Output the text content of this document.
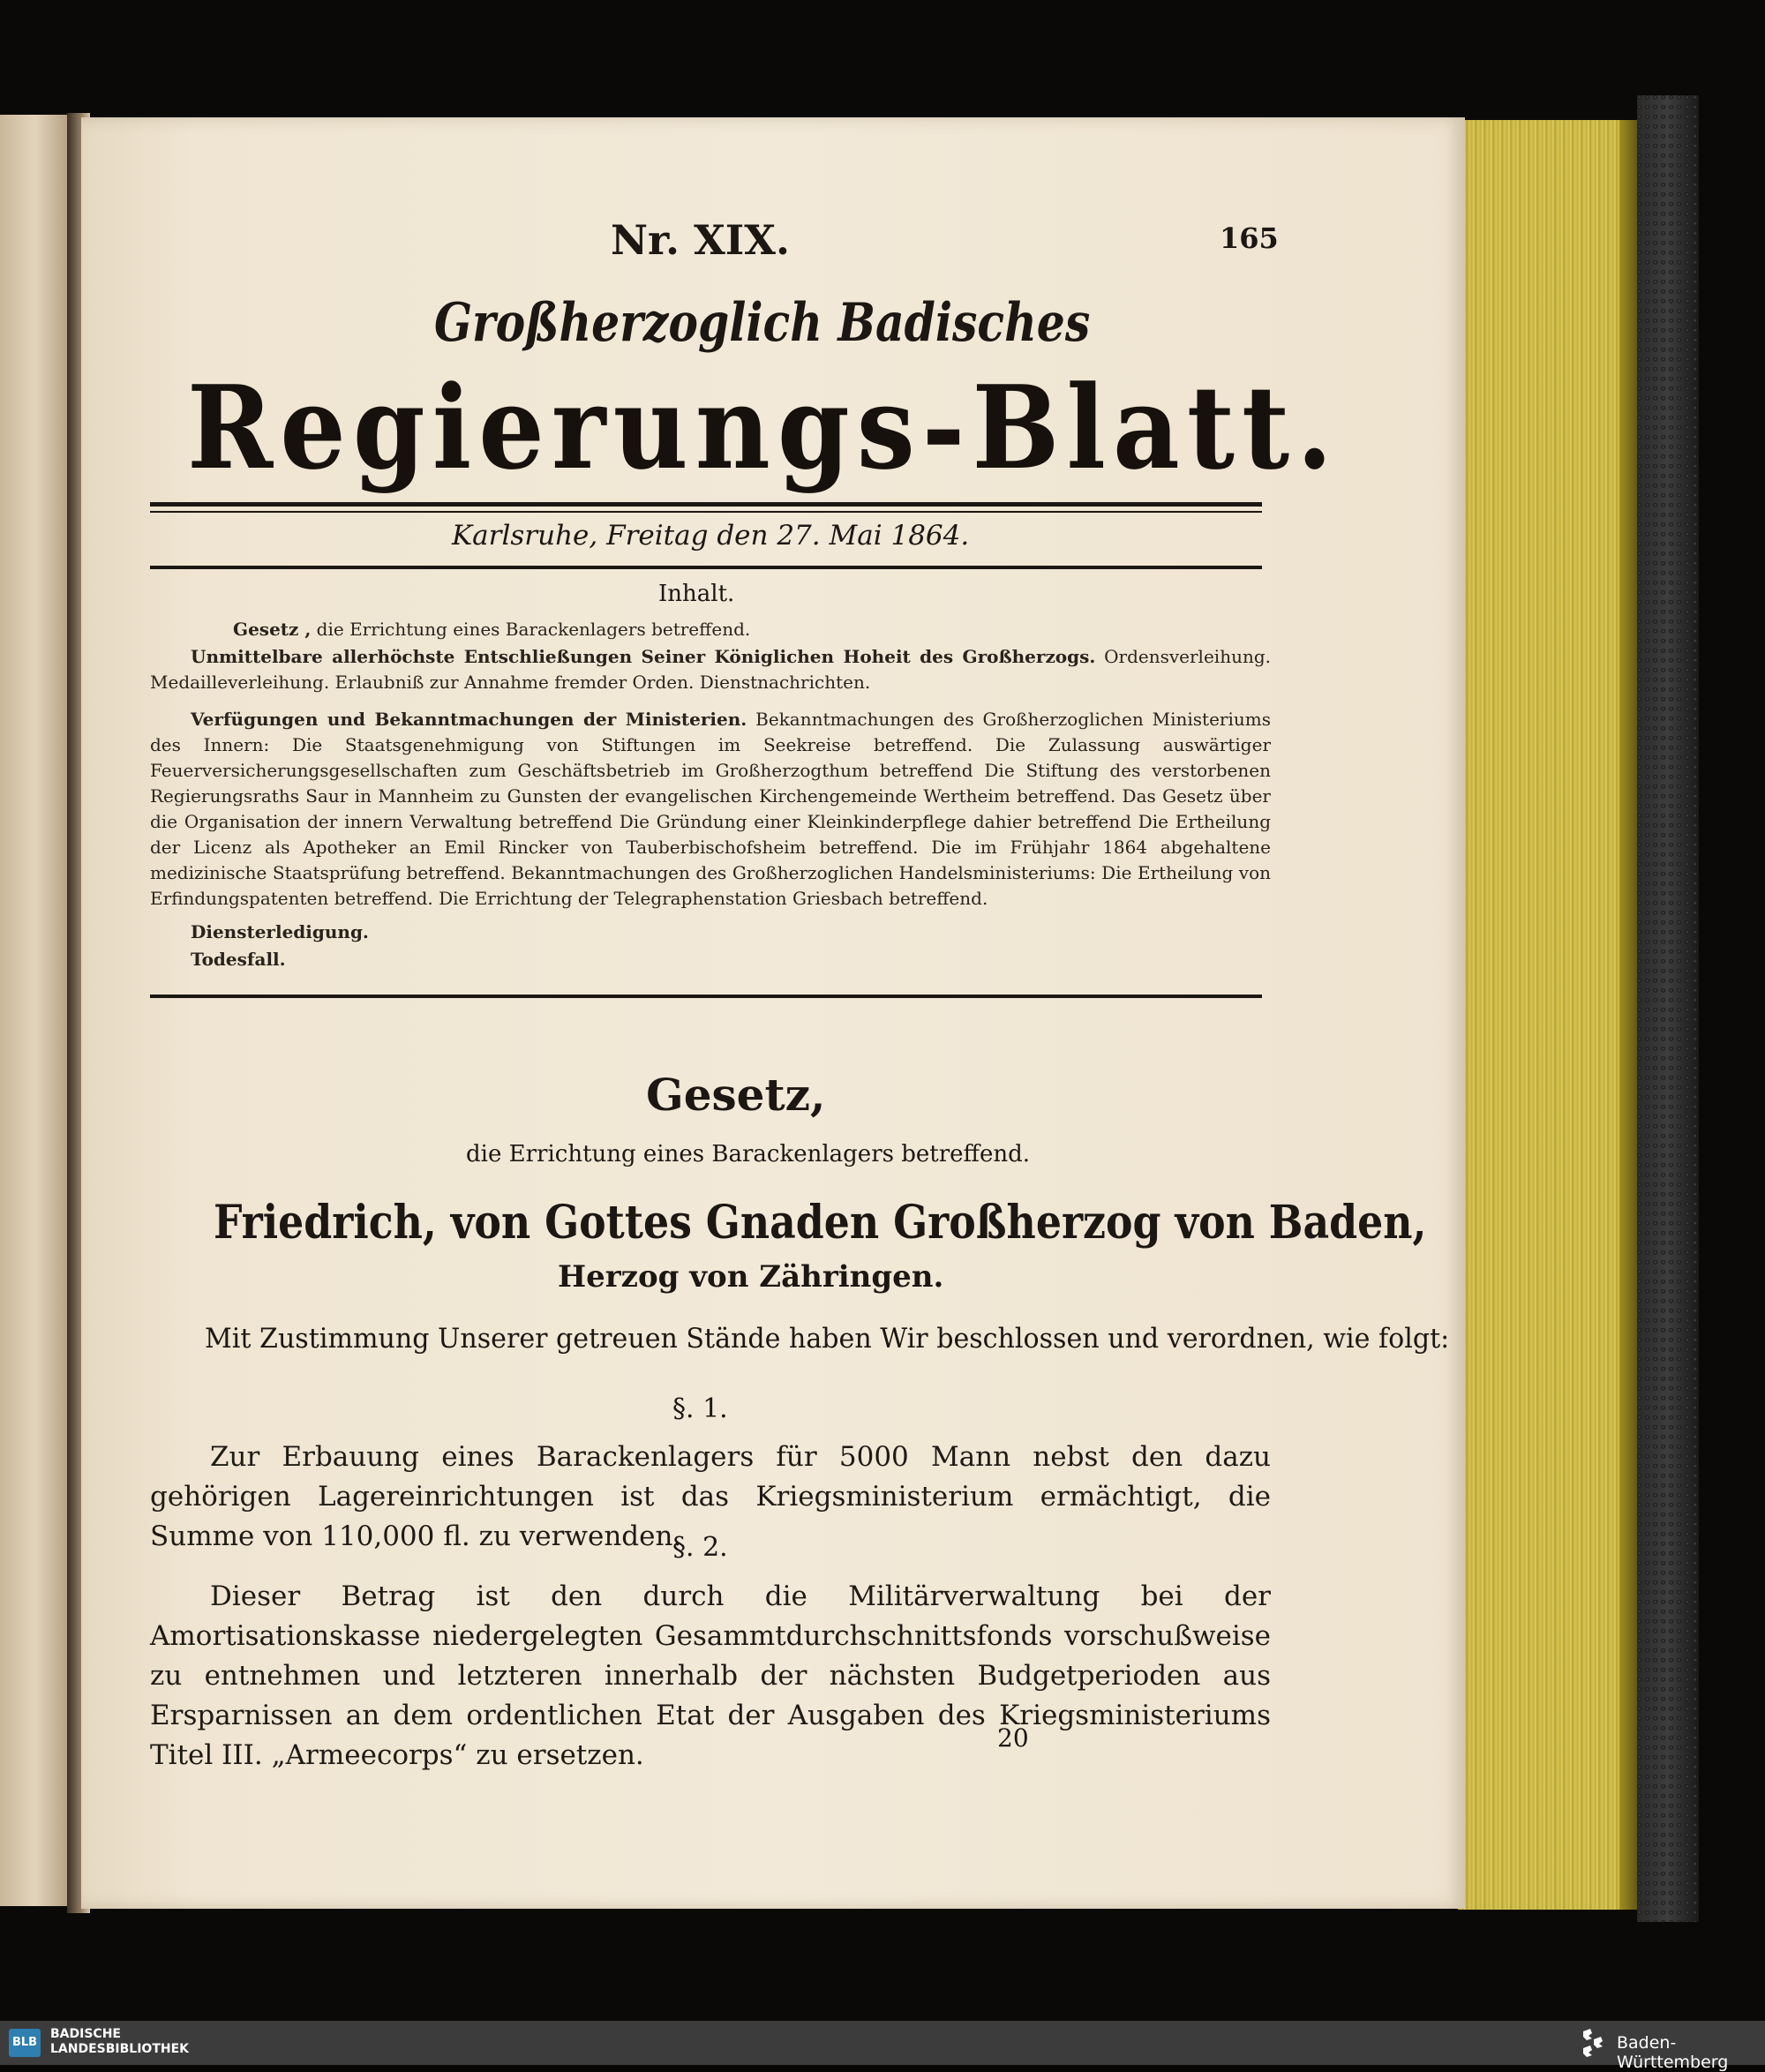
Nr. XIX.	165
Großherzoglich Badisches
Regierungs-Blatt.
Karlsruhe, Freitag den 27. Mai 1864.
Inhalt.
Gesetz , die Errichtung eines Barackenlagers betreffend.
Unmittelbare allerhöchste Entschließungen Seiner Königlichen Hoheit des Großherzogs. Ordensverleihung. Medailleverleihung. Erlaubniß zur Annahme fremder Orden. Dienstnachrichten.
Verfügungen und Bekanntmachungen der Ministerien. Bekanntmachungen des Großherzoglichen Ministeriums des Innern: Die Staatsgenehmigung von Stiftungen im Seekreise betreffend. Die Zulassung auswärtiger Feuerversicherungsgesellschaften zum Geschäftsbetrieb im Großherzogthum betreffend Die Stiftung des verstorbenen Regierungsraths Saur in Mannheim zu Gunsten der evangelischen Kirchengemeinde Wertheim betreffend. Das Gesetz über die Organisation der innern Verwaltung betreffend Die Gründung einer Kleinkinderpflege dahier betreffend Die Ertheilung der Licenz als Apotheker an Emil Rincker von Tauberbischofsheim betreffend. Die im Frühjahr 1864 abgehaltene medizinische Staatsprüfung betreffend. Bekanntmachungen des Großherzoglichen Handelsministeriums: Die Ertheilung von Erfindungspatenten betreffend. Die Errichtung der Telegraphenstation Griesbach betreffend.
Diensterledigung.
Todesfall.
Gesetz,
die Errichtung eines Barackenlagers betreffend.
Friedrich, von Gottes Gnaden Großherzog von Baden,
Herzog von Zähringen.
Mit Zustimmung Unserer getreuen Stände haben Wir beschlossen und verordnen, wie folgt:
§. 1.
Zur Erbauung eines Barackenlagers für 5000 Mann nebst den dazu gehörigen Lagereinrichtungen ist das Kriegsministerium ermächtigt, die Summe von 110,000 fl. zu verwenden.
§. 2.
Dieser Betrag ist den durch die Militärverwaltung bei der Amortisationskasse niedergelegten Gesammtdurchschnittsfonds vorschußweise zu entnehmen und letzteren innerhalb der nächsten Budgetperioden aus Ersparnissen an dem ordentlichen Etat der Ausgaben des Kriegsministeriums Titel III. „Armeecorps“ zu ersetzen.
20
BLB
BADISCHE
LANDESBIBLIOTHEK	Baden-Württemberg
